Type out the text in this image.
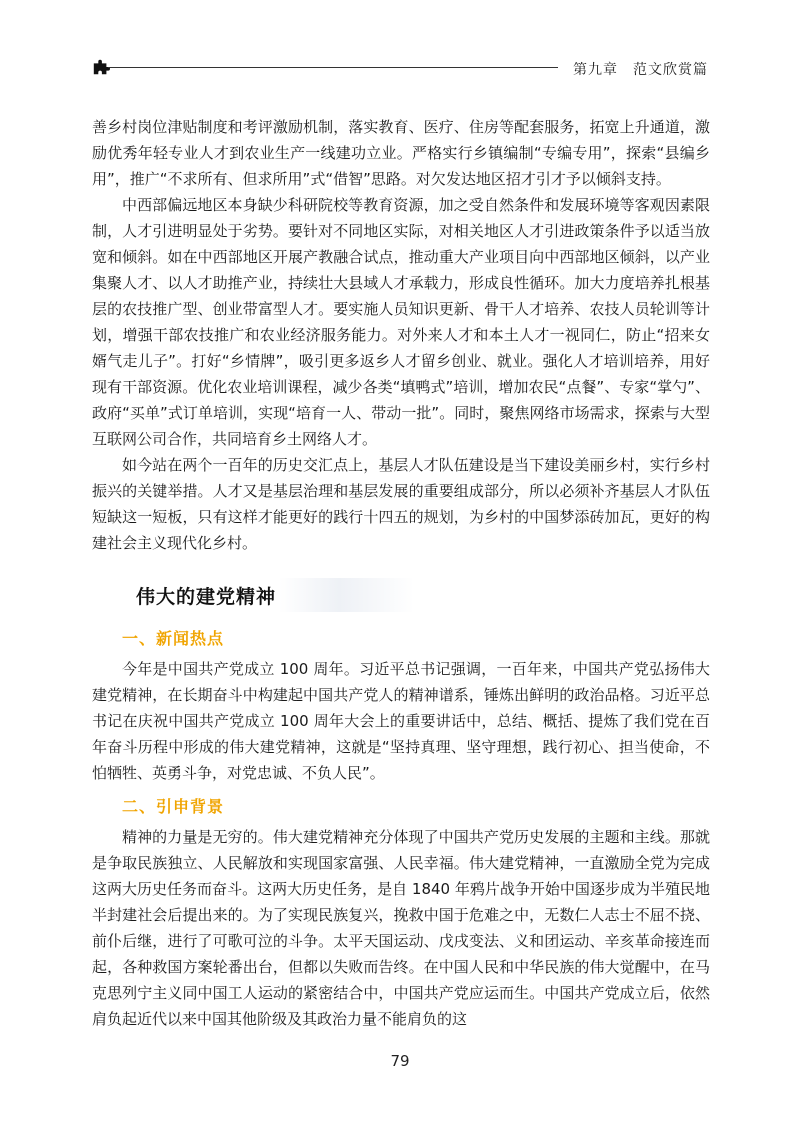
第九章　范文欣赏篇

善乡村岗位津贴制度和考评激励机制，落实教育、医疗、住房等配套服务，拓宽上升通道，激励优秀年轻专业人才到农业生产一线建功立业。严格实行乡镇编制“专编专用”，探索“县编乡用”，推广“不求所有、但求所用”式“借智”思路。对欠发达地区招才引才予以倾斜支持。

中西部偏远地区本身缺少科研院校等教育资源，加之受自然条件和发展环境等客观因素限制，人才引进明显处于劣势。要针对不同地区实际，对相关地区人才引进政策条件予以适当放宽和倾斜。如在中西部地区开展产教融合试点，推动重大产业项目向中西部地区倾斜，以产业集聚人才、以人才助推产业，持续壮大县域人才承载力，形成良性循环。加大力度培养扎根基层的农技推广型、创业带富型人才。要实施人员知识更新、骨干人才培养、农技人员轮训等计划，增强干部农技推广和农业经济服务能力。对外来人才和本土人才一视同仁，防止“招来女婿气走儿子”。打好“乡情牌”，吸引更多返乡人才留乡创业、就业。强化人才培训培养，用好现有干部资源。优化农业培训课程，减少各类“填鸭式”培训，增加农民“点餐”、专家“掌勺”、政府“买单”式订单培训，实现“培育一人、带动一批”。同时，聚焦网络市场需求，探索与大型互联网公司合作，共同培育乡土网络人才。

如今站在两个一百年的历史交汇点上，基层人才队伍建设是当下建设美丽乡村，实行乡村振兴的关键举措。人才又是基层治理和基层发展的重要组成部分，所以必须补齐基层人才队伍短缺这一短板，只有这样才能更好的践行十四五的规划，为乡村的中国梦添砖加瓦，更好的构建社会主义现代化乡村。

伟大的建党精神
一、新闻热点

今年是中国共产党成立 100 周年。习近平总书记强调，一百年来，中国共产党弘扬伟大建党精神，在长期奋斗中构建起中国共产党人的精神谱系，锤炼出鲜明的政治品格。习近平总书记在庆祝中国共产党成立 100 周年大会上的重要讲话中，总结、概括、提炼了我们党在百年奋斗历程中形成的伟大建党精神，这就是“坚持真理、坚守理想，践行初心、担当使命，不怕牺牲、英勇斗争，对党忠诚、不负人民”。

二、引申背景

精神的力量是无穷的。伟大建党精神充分体现了中国共产党历史发展的主题和主线。那就是争取民族独立、人民解放和实现国家富强、人民幸福。伟大建党精神，一直激励全党为完成这两大历史任务而奋斗。这两大历史任务，是自 1840 年鸦片战争开始中国逐步成为半殖民地半封建社会后提出来的。为了实现民族复兴，挽救中国于危难之中，无数仁人志士不屈不挠、前仆后继，进行了可歌可泣的斗争。太平天国运动、戊戌变法、义和团运动、辛亥革命接连而起，各种救国方案轮番出台，但都以失败而告终。在中国人民和中华民族的伟大觉醒中，在马克思列宁主义同中国工人运动的紧密结合中，中国共产党应运而生。中国共产党成立后，依然肩负起近代以来中国其他阶级及其政治力量不能肩负的这

79
